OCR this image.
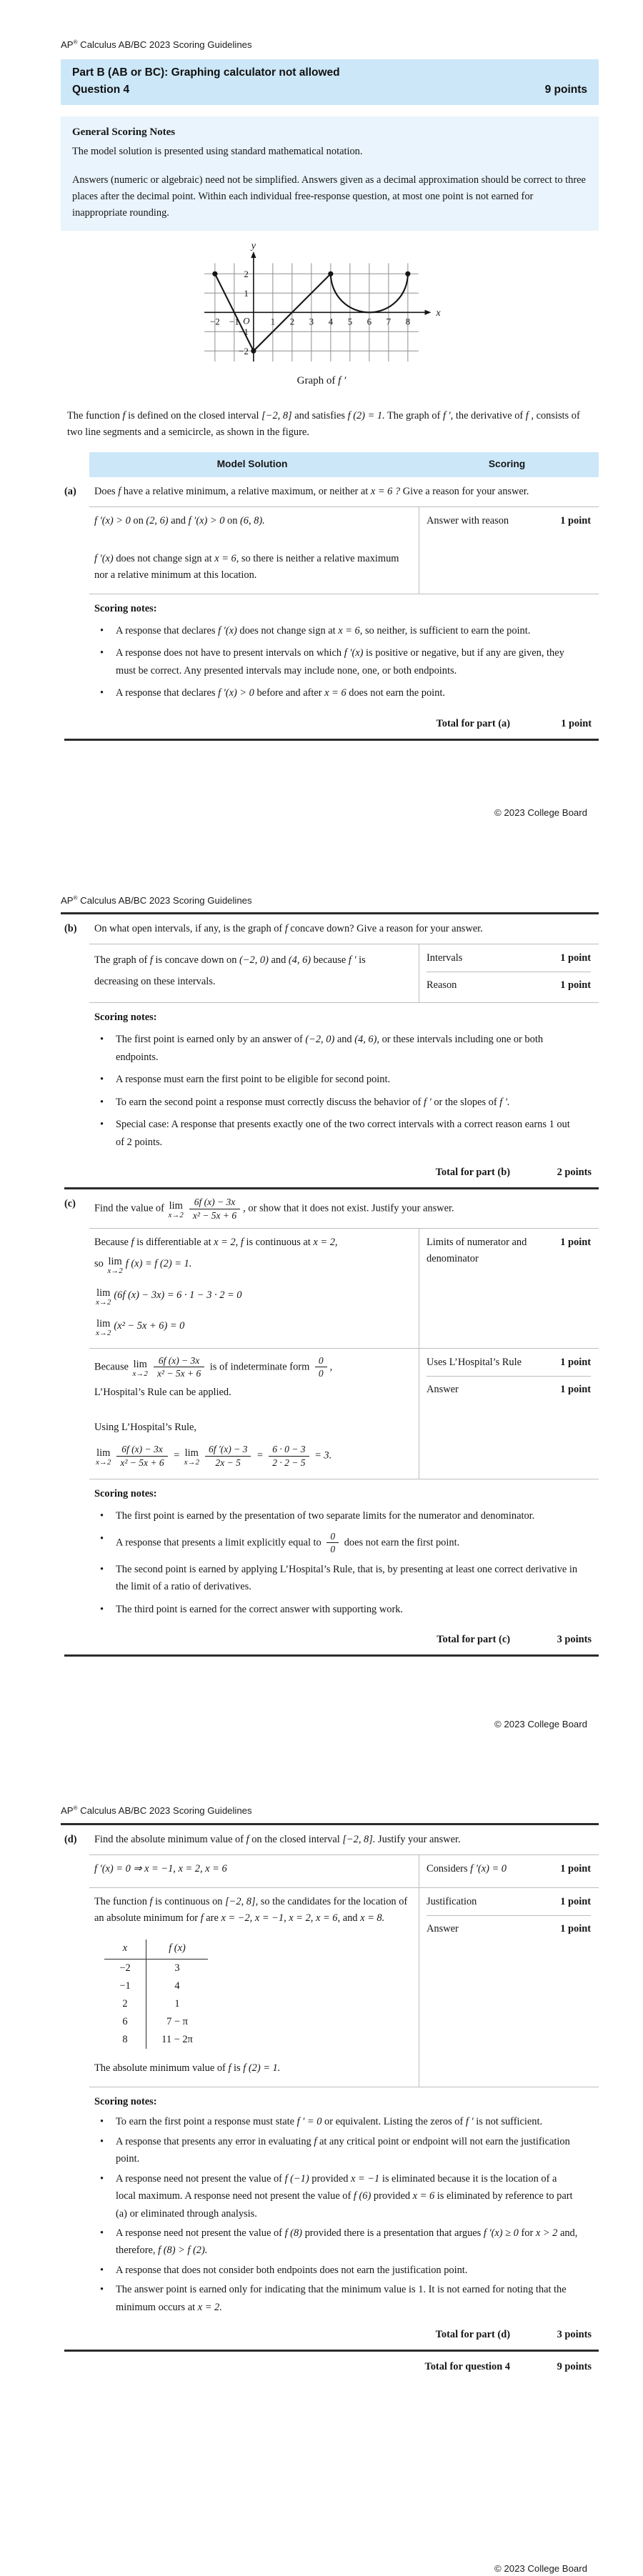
AP® Calculus AB/BC 2023 Scoring Guidelines
Part B (AB or BC): Graphing calculator not allowed
Question 4	9 points
General Scoring Notes

The model solution is presented using standard mathematical notation.

Answers (numeric or algebraic) need not be simplified. Answers given as a decimal approximation should be correct to three places after the decimal point. Within each individual free-response question, at most one point is not earned for inappropriate rounding.

x
y
O
−2 −1	1 2 3 4 5 6 7 8
2
1
−1
−2
Graph of f ′

The function f is defined on the closed interval [−2, 8] and satisfies f (2) = 1. The graph of f ′, the derivative of f , consists of two line segments and a semicircle, as shown in the figure.

Model Solution	Scoring
(a)	Does f have a relative minimum, a relative maximum, or neither at x = 6 ? Give a reason for your answer.

f ′(x) > 0 on (2, 6) and f ′(x) > 0 on (6, 8).

f ′(x) does not change sign at x = 6, so there is neither a relative maximum nor a relative minimum at this location.

Answer with reason	1 point
Scoring notes:
• A response that declares f ′(x) does not change sign at x = 6, so neither, is sufficient to earn the point.
• A response does not have to present intervals on which f ′(x) is positive or negative, but if any are given, they must be correct. Any presented intervals may include none, one, or both endpoints.
• A response that declares f ′(x) > 0 before and after x = 6 does not earn the point.
Total for part (a)	1 point
© 2023 College Board
AP® Calculus AB/BC 2023 Scoring Guidelines
(b)	On what open intervals, if any, is the graph of f concave down? Give a reason for your answer.

The graph of f is concave down on (−2, 0) and (4, 6) because f ′ is decreasing on these intervals.

Intervals	1 point
Reason	1 point
Scoring notes:
• The first point is earned only by an answer of (−2, 0) and (4, 6), or these intervals including one or both endpoints.
• A response must earn the first point to be eligible for second point.
• To earn the second point a response must correctly discuss the behavior of f ′ or the slopes of f ′.
• Special case: A response that presents exactly one of the two correct intervals with a correct reason earns 1 out of 2 points.
Total for part (b)	2 points
(c)	Find the value of lim
$x\to 2 \frac{6f (x) - 3x}{\text{x² − 5x + 6}}$ , or show that it does not exist. Justify your answer.

Because f is differentiable at x = 2, f is continuous at x = 2,

so lim
x→2
f (x) = f (2) = 1.

lim
x→2
(6f (x) − 3x) = 6 · 1 − 3 · 2 = 0

lim
x→2
(x² − 5x + 6) = 0

Limits of numerator and denominator
1 point

Because lim
$x\to 2 \frac{6f (x) - 3x}{\text{x² − 5x + 6}}$ is of indeterminate form $\frac{0}{0}$ ,

L’Hospital’s Rule can be applied.

Using L’Hospital’s Rule,

lim
$x\to 2 \frac{6f (x) - 3x}{\text{x² − 5x + 6}} = \lim$
$x\to 2 \frac{6f '(x) - 3}{2x - 5} = \frac{6 \cdot 0 - 3}{2 \cdot 2 - 5} = 3$.

Uses L’Hospital’s Rule	1 point
Answer	1 point
Scoring notes:
• The first point is earned by the presentation of two separate limits for the numerator and denominator.
• A response that presents a limit explicitly equal to $\frac{0}{0}$ does not earn the first point.
• The second point is earned by applying L’Hospital’s Rule, that is, by presenting at least one correct derivative in the limit of a ratio of derivatives.
• The third point is earned for the correct answer with supporting work.
Total for part (c)	3 points
© 2023 College Board
AP® Calculus AB/BC 2023 Scoring Guidelines
(d)	Find the absolute minimum value of f on the closed interval [−2, 8]. Justify your answer.

f ′(x) = 0 ⇒ x = −1, x = 2, x = 6	Considers f ′(x) = 0	1 point

The function f is continuous on [−2, 8], so the candidates for the location of an absolute minimum for f are x = −2, x = −1, x = 2, x = 6, and x = 8.

x	f (x)
−2	3
−1	4
2	1
6	7 − π
8	11 − 2π

The absolute minimum value of f is f (2) = 1.

Justification	1 point
Answer	1 point
Scoring notes:
• To earn the first point a response must state f ′ = 0 or equivalent. Listing the zeros of f ′ is not sufficient.
• A response that presents any error in evaluating f at any critical point or endpoint will not earn the justification point.
• A response need not present the value of f (−1) provided x = −1 is eliminated because it is the location of a local maximum. A response need not present the value of f (6) provided x = 6 is eliminated by reference to part (a) or eliminated through analysis.
• A response need not present the value of f (8) provided there is a presentation that argues f ′(x) ≥ 0 for x > 2 and, therefore, f (8) > f (2).
• A response that does not consider both endpoints does not earn the justification point.
• The answer point is earned only for indicating that the minimum value is 1. It is not earned for noting that the minimum occurs at x = 2.
Total for part (d)	3 points
Total for question 4	9 points
© 2023 College Board
